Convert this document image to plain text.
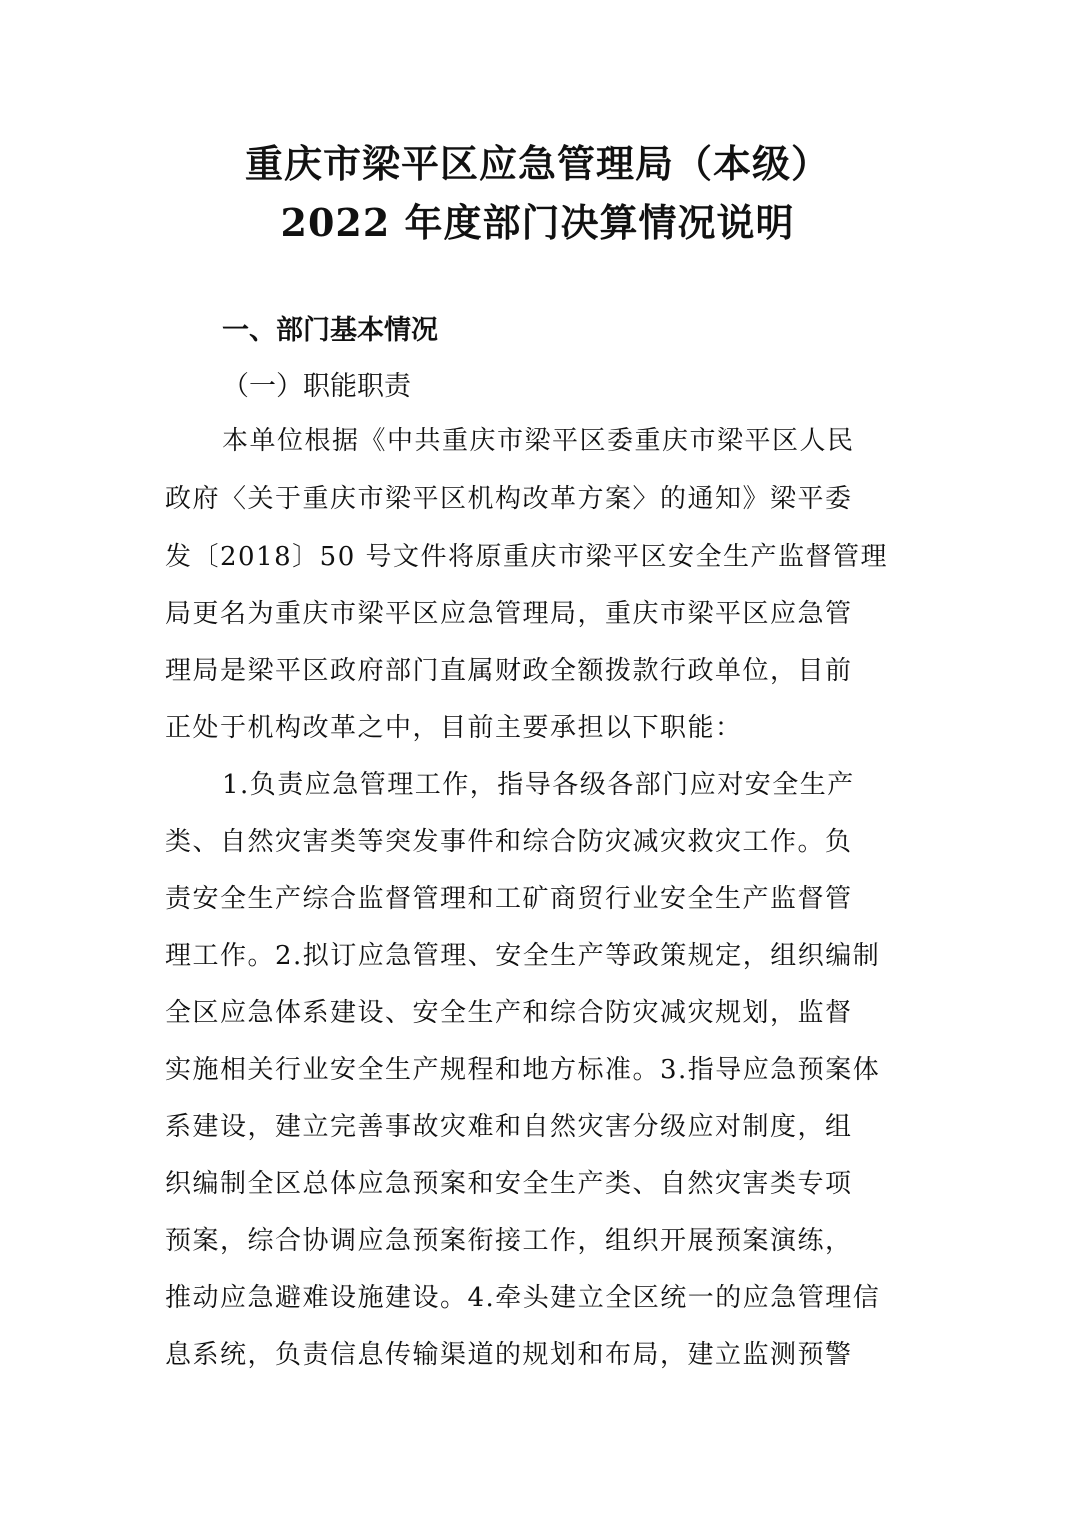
重庆市梁平区应急管理局（本级）
2022 年度部门决算情况说明
一、部门基本情况
（一）职能职责
本单位根据《中共重庆市梁平区委重庆市梁平区人民
政府〈关于重庆市梁平区机构改革方案〉的通知》梁平委
发〔2018〕50 号文件将原重庆市梁平区安全生产监督管理
局更名为重庆市梁平区应急管理局，重庆市梁平区应急管
理局是梁平区政府部门直属财政全额拨款行政单位，目前
正处于机构改革之中，目前主要承担以下职能：
1.负责应急管理工作，指导各级各部门应对安全生产
类、自然灾害类等突发事件和综合防灾减灾救灾工作。负
责安全生产综合监督管理和工矿商贸行业安全生产监督管
理工作。2.拟订应急管理、安全生产等政策规定，组织编制
全区应急体系建设、安全生产和综合防灾减灾规划，监督
实施相关行业安全生产规程和地方标准。3.指导应急预案体
系建设，建立完善事故灾难和自然灾害分级应对制度，组
织编制全区总体应急预案和安全生产类、自然灾害类专项
预案，综合协调应急预案衔接工作，组织开展预案演练，
推动应急避难设施建设。4.牵头建立全区统一的应急管理信
息系统，负责信息传输渠道的规划和布局，建立监测预警
